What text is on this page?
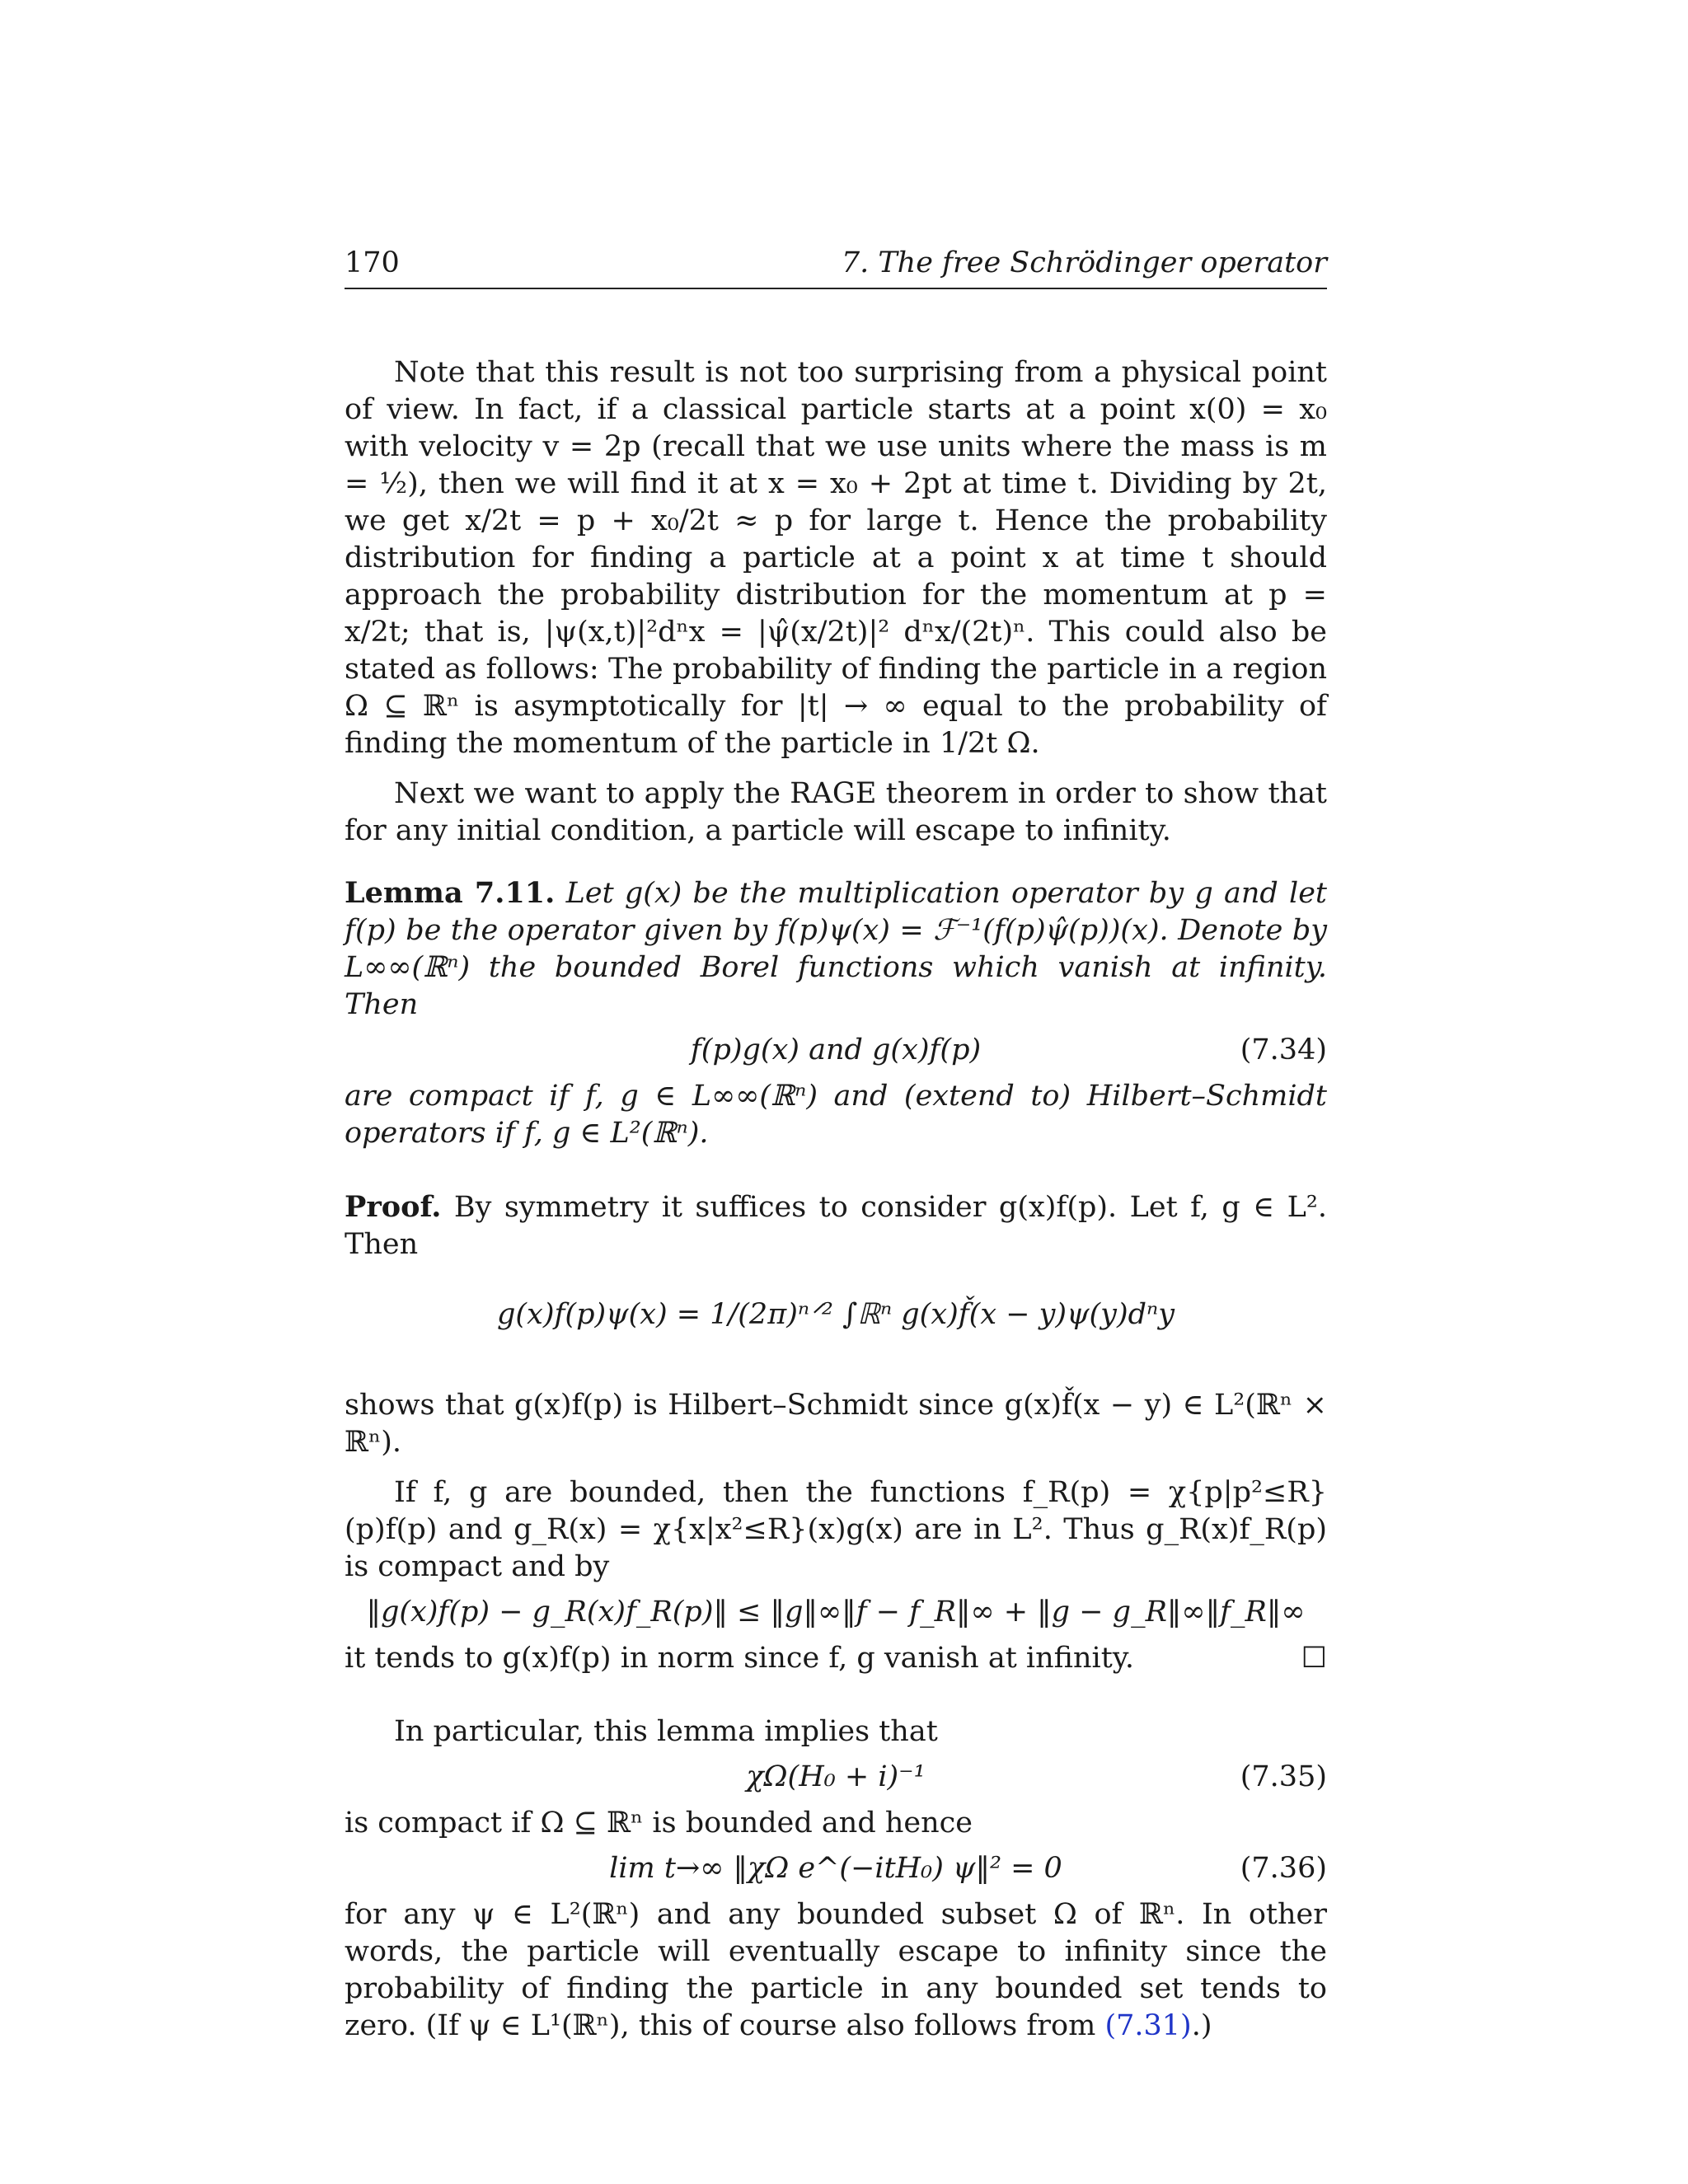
170	7. The free Schrödinger operator

Note that this result is not too surprising from a physical point of view. In fact, if a classical particle starts at a point x(0) = x₀ with velocity v = 2p (recall that we use units where the mass is m = ½), then we will find it at x = x₀ + 2pt at time t. Dividing by 2t, we get x/2t = p + x₀/2t ≈ p for large t. Hence the probability distribution for finding a particle at a point x at time t should approach the probability distribution for the momentum at p = x/2t; that is, |ψ(x,t)|²dⁿx = |ψ̂(x/2t)|² dⁿx/(2t)ⁿ. This could also be stated as follows: The probability of finding the particle in a region Ω ⊆ ℝⁿ is asymptotically for |t| → ∞ equal to the probability of finding the momentum of the particle in 1/2t Ω.

Next we want to apply the RAGE theorem in order to show that for any initial condition, a particle will escape to infinity.

Lemma 7.11. Let g(x) be the multiplication operator by g and let f(p) be the operator given by f(p)ψ(x) = ℱ⁻¹(f(p)ψ̂(p))(x). Denote by L∞∞(ℝⁿ) the bounded Borel functions which vanish at infinity. Then

f(p)g(x) and g(x)f(p)	(7.34)

are compact if f, g ∈ L∞∞(ℝⁿ) and (extend to) Hilbert–Schmidt operators if f, g ∈ L²(ℝⁿ).

Proof. By symmetry it suffices to consider g(x)f(p). Let f, g ∈ L². Then

g(x)f(p)ψ(x) = 1/(2π)ⁿᐟ² ∫ℝⁿ g(x)f̌(x − y)ψ(y)dⁿy

shows that g(x)f(p) is Hilbert–Schmidt since g(x)f̌(x − y) ∈ L²(ℝⁿ × ℝⁿ).

If f, g are bounded, then the functions f_R(p) = χ{p|p²≤R}(p)f(p) and g_R(x) = χ{x|x²≤R}(x)g(x) are in L². Thus g_R(x)f_R(p) is compact and by

‖g(x)f(p) − g_R(x)f_R(p)‖ ≤ ‖g‖∞‖f − f_R‖∞ + ‖g − g_R‖∞‖f_R‖∞

it tends to g(x)f(p) in norm since f, g vanish at infinity.	☐

In particular, this lemma implies that

χΩ(H₀ + i)⁻¹	(7.35)

is compact if Ω ⊆ ℝⁿ is bounded and hence

lim t→∞ ‖χΩ e^(−itH₀) ψ‖² = 0	(7.36)

for any ψ ∈ L²(ℝⁿ) and any bounded subset Ω of ℝⁿ. In other words, the particle will eventually escape to infinity since the probability of finding the particle in any bounded set tends to zero. (If ψ ∈ L¹(ℝⁿ), this of course also follows from (7.31).)
